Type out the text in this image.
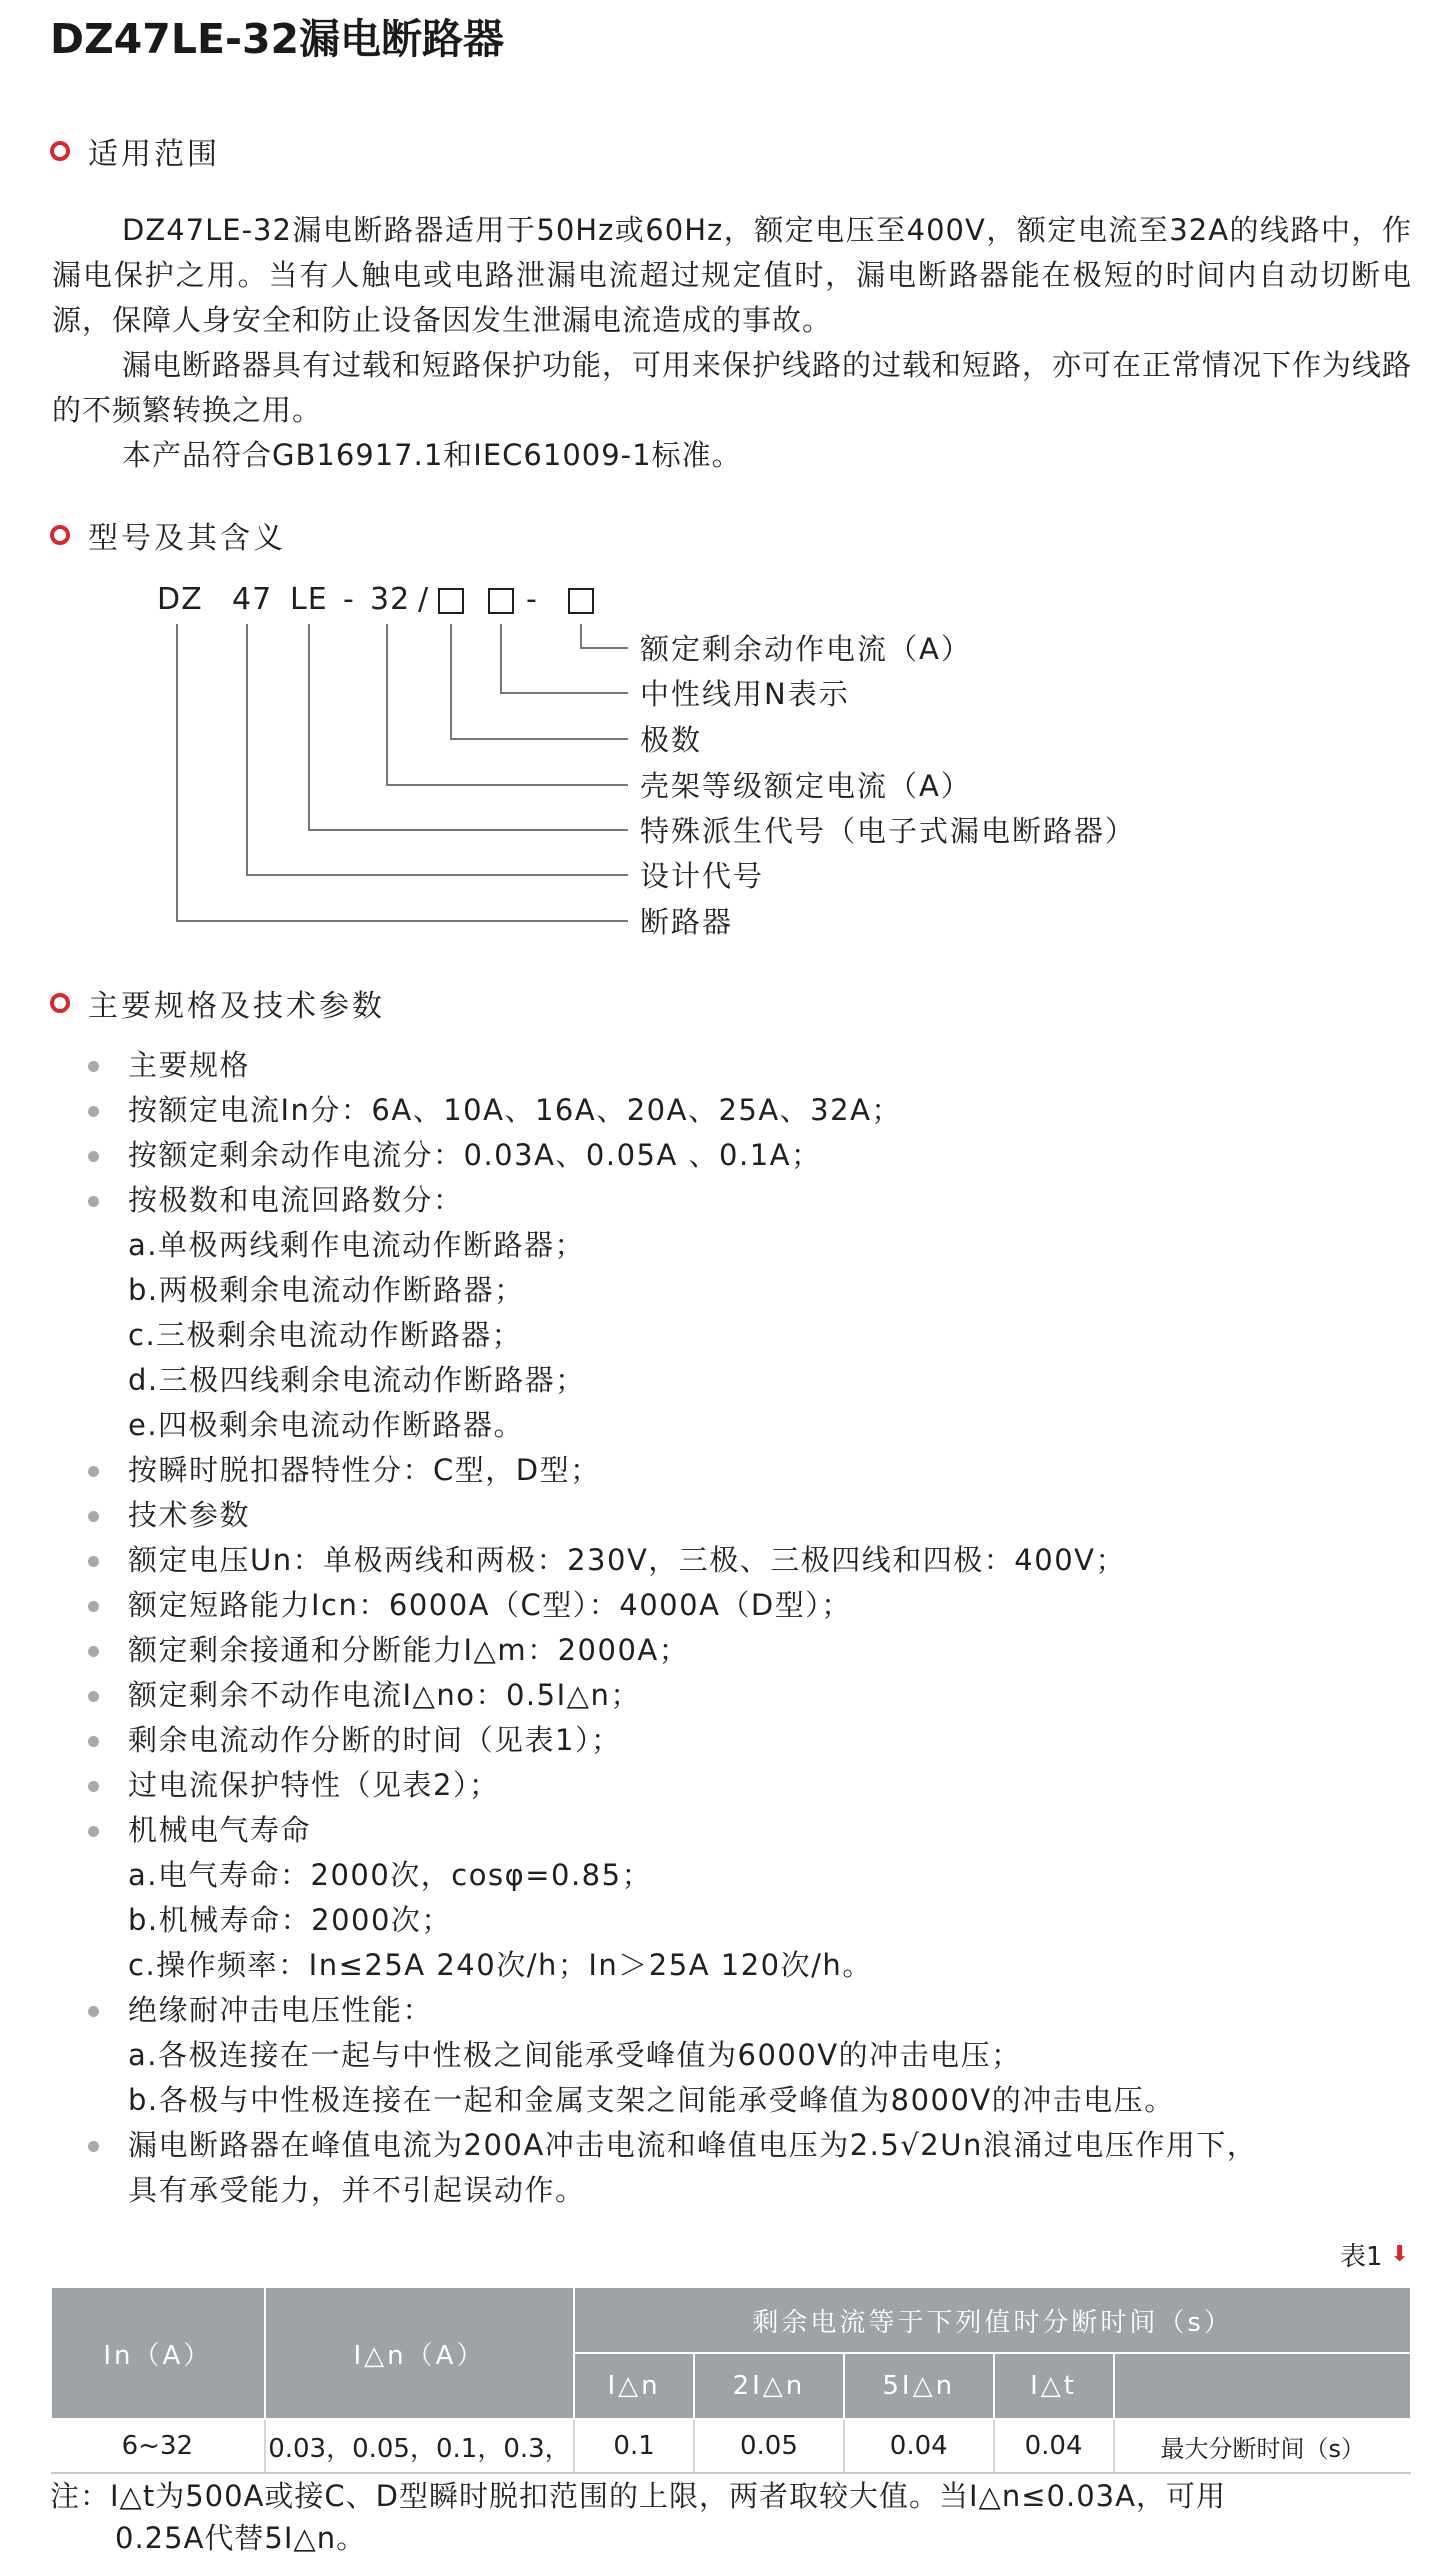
DZ47LE-32漏电断路器
适用范围

DZ47LE-32漏电断路器适用于50Hz或60Hz，额定电压至400V，额定电流至32A的线路中，作漏电保护之用。当有人触电或电路泄漏电流超过规定值时，漏电断路器能在极短的时间内自动切断电源，保障人身安全和防止设备因发生泄漏电流造成的事故。

漏电断路器具有过载和短路保护功能，可用来保护线路的过载和短路，亦可在正常情况下作为线路的不频繁转换之用。

本产品符合GB16917.1和IEC61009-1标准。

型号及其含义
DZ 47 LE - 32 /	-
额定剩余动作电流（A）
中性线用N表示
极数
壳架等级额定电流（A）
特殊派生代号（电子式漏电断路器）
设计代号
断路器
主要规格及技术参数
主要规格
按额定电流In分：6A、10A、16A、20A、25A、32A；
按额定剩余动作电流分：0.03A、0.05A 、0.1A；
按极数和电流回路数分：
a.单极两线剩作电流动作断路器；
b.两极剩余电流动作断路器；
c.三极剩余电流动作断路器；
d.三极四线剩余电流动作断路器；
e.四极剩余电流动作断路器。
按瞬时脱扣器特性分：C型，D型；
技术参数
额定电压Un：单极两线和两极：230V，三极、三极四线和四极：400V；
额定短路能力Icn：6000A（C型）：4000A（D型）；
额定剩余接通和分断能力I△m：2000A；
额定剩余不动作电流I△no：0.5I△n；
剩余电流动作分断的时间（见表1）；
过电流保护特性（见表2）；
机械电气寿命
a.电气寿命：2000次，cosφ=0.85；
b.机械寿命：2000次；
c.操作频率：In≤25A 240次/h；In＞25A 120次/h。
绝缘耐冲击电压性能：
a.各极连接在一起与中性极之间能承受峰值为6000V的冲击电压；
b.各极与中性极连接在一起和金属支架之间能承受峰值为8000V的冲击电压。
漏电断路器在峰值电流为200A冲击电流和峰值电压为2.5√2Un浪涌过电压作用下，
具有承受能力，并不引起误动作。
表1 ⬇
In（A）	I△n（A）	剩余电流等于下列值时分断时间（s）				
		I△n	2I△n	5I△n	I△t	
6~32	0.03，0.05，0.1，0.3，	0.1	0.05	0.04	0.04	最大分断时间（s）
注：I△t为500A或接C、D型瞬时脱扣范围的上限，两者取较大值。当I△n≤0.03A，可用
0.25A代替5I△n。
